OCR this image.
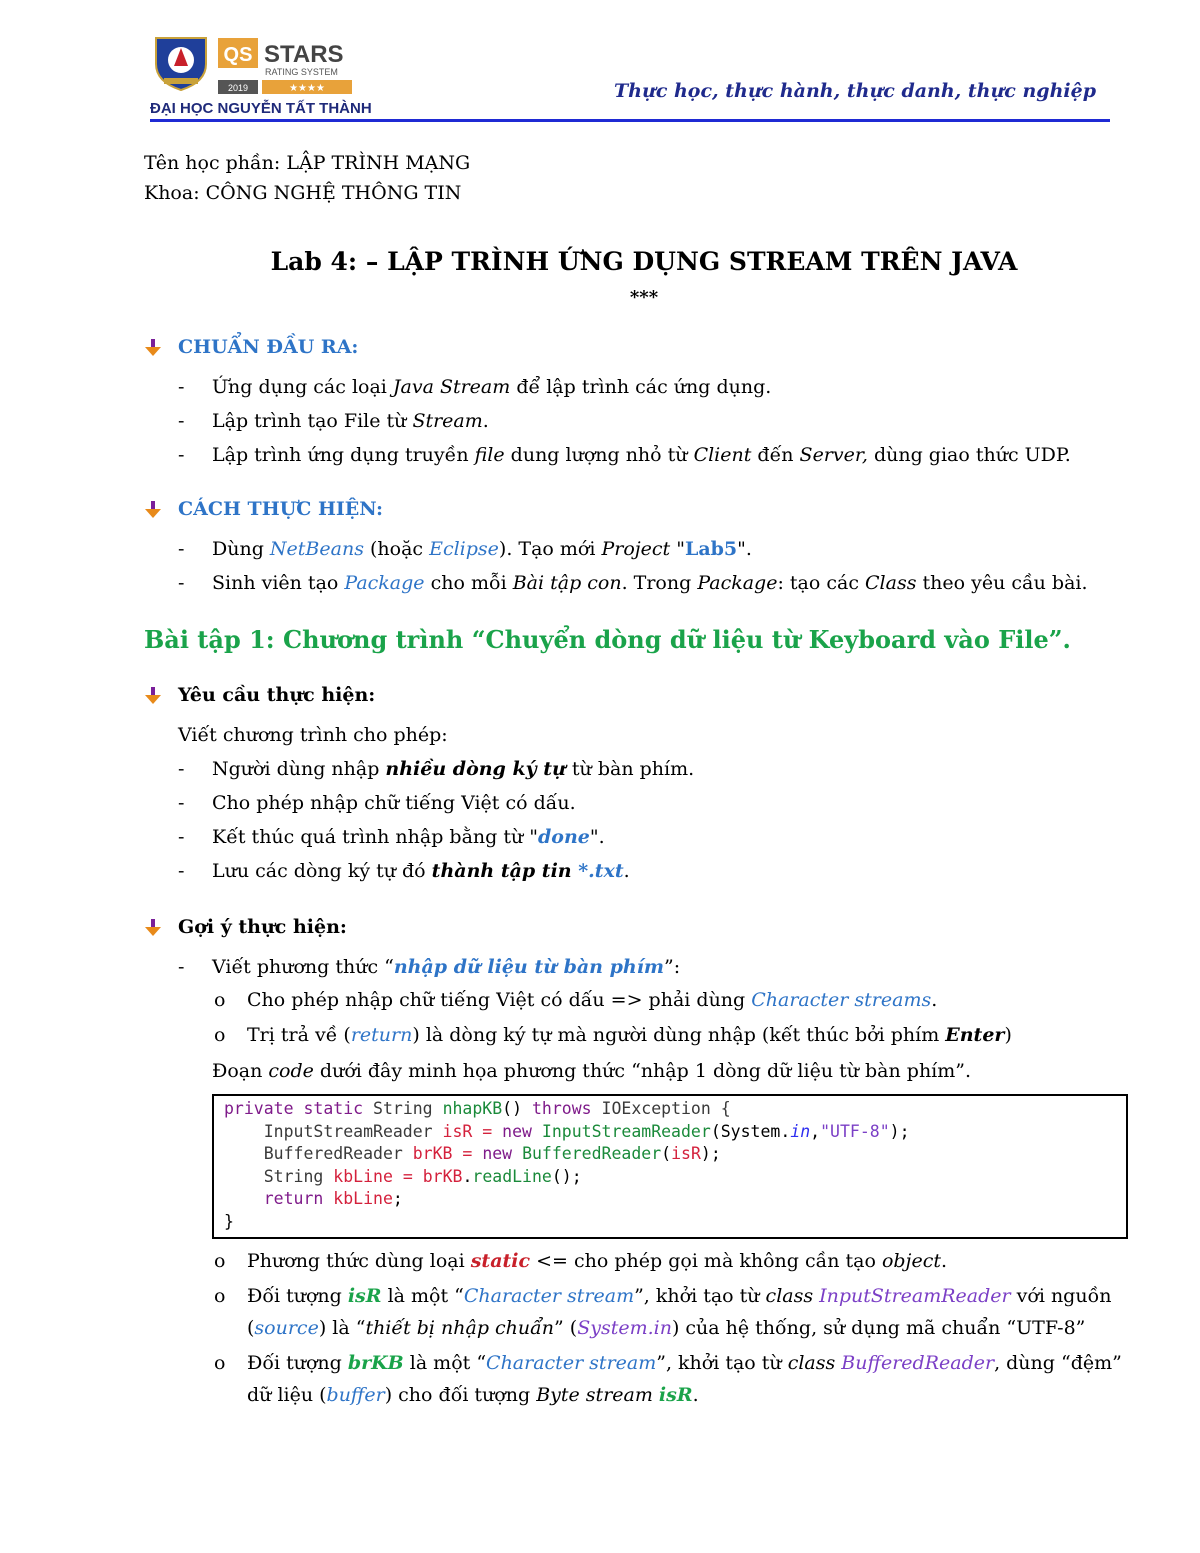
QS STARS
RATING SYSTEM
2019	★★★★
ĐẠI HỌC NGUYỄN TẤT THÀNH
Thực học, thực hành, thực danh, thực nghiệp

Tên học phần: LẬP TRÌNH MẠNG

Khoa: CÔNG NGHỆ THÔNG TIN

Lab 4: – LẬP TRÌNH ỨNG DỤNG STREAM TRÊN JAVA
***
CHUẨN ĐẦU RA:
- Ứng dụng các loại Java Stream để lập trình các ứng dụng.
- Lập trình tạo File từ Stream.
- Lập trình ứng dụng truyền file dung lượng nhỏ từ Client đến Server, dùng giao thức UDP.
CÁCH THỰC HIỆN:
- Dùng NetBeans (hoặc Eclipse). Tạo mới Project "Lab5".
- Sinh viên tạo Package cho mỗi Bài tập con. Trong Package: tạo các Class theo yêu cầu bài.
Bài tập 1: Chương trình “Chuyển dòng dữ liệu từ Keyboard vào File”.
Yêu cầu thực hiện:
Viết chương trình cho phép:
- Người dùng nhập nhiều dòng ký tự từ bàn phím.
- Cho phép nhập chữ tiếng Việt có dấu.
- Kết thúc quá trình nhập bằng từ "done".
- Lưu các dòng ký tự đó thành tập tin *.txt.
Gợi ý thực hiện:
- Viết phương thức “nhập dữ liệu từ bàn phím”:
o Cho phép nhập chữ tiếng Việt có dấu => phải dùng Character streams.
o Trị trả về (return) là dòng ký tự mà người dùng nhập (kết thúc bởi phím Enter)
Đoạn code dưới đây minh họa phương thức “nhập 1 dòng dữ liệu từ bàn phím”.
private static String nhapKB() throws IOException {
InputStreamReader isR = new InputStreamReader(System.in,"UTF-8");
BufferedReader brKB = new BufferedReader(isR);
String kbLine = brKB.readLine();
return kbLine;
}
o Phương thức dùng loại static <= cho phép gọi mà không cần tạo object.
o Đối tượng isR là một “Character stream”, khởi tạo từ class InputStreamReader với nguồn (source) là “thiết bị nhập chuẩn” (System.in) của hệ thống, sử dụng mã chuẩn “UTF-8”
o Đối tượng brKB là một “Character stream”, khởi tạo từ class BufferedReader, dùng “đệm” dữ liệu (buffer) cho đối tượng Byte stream isR.
